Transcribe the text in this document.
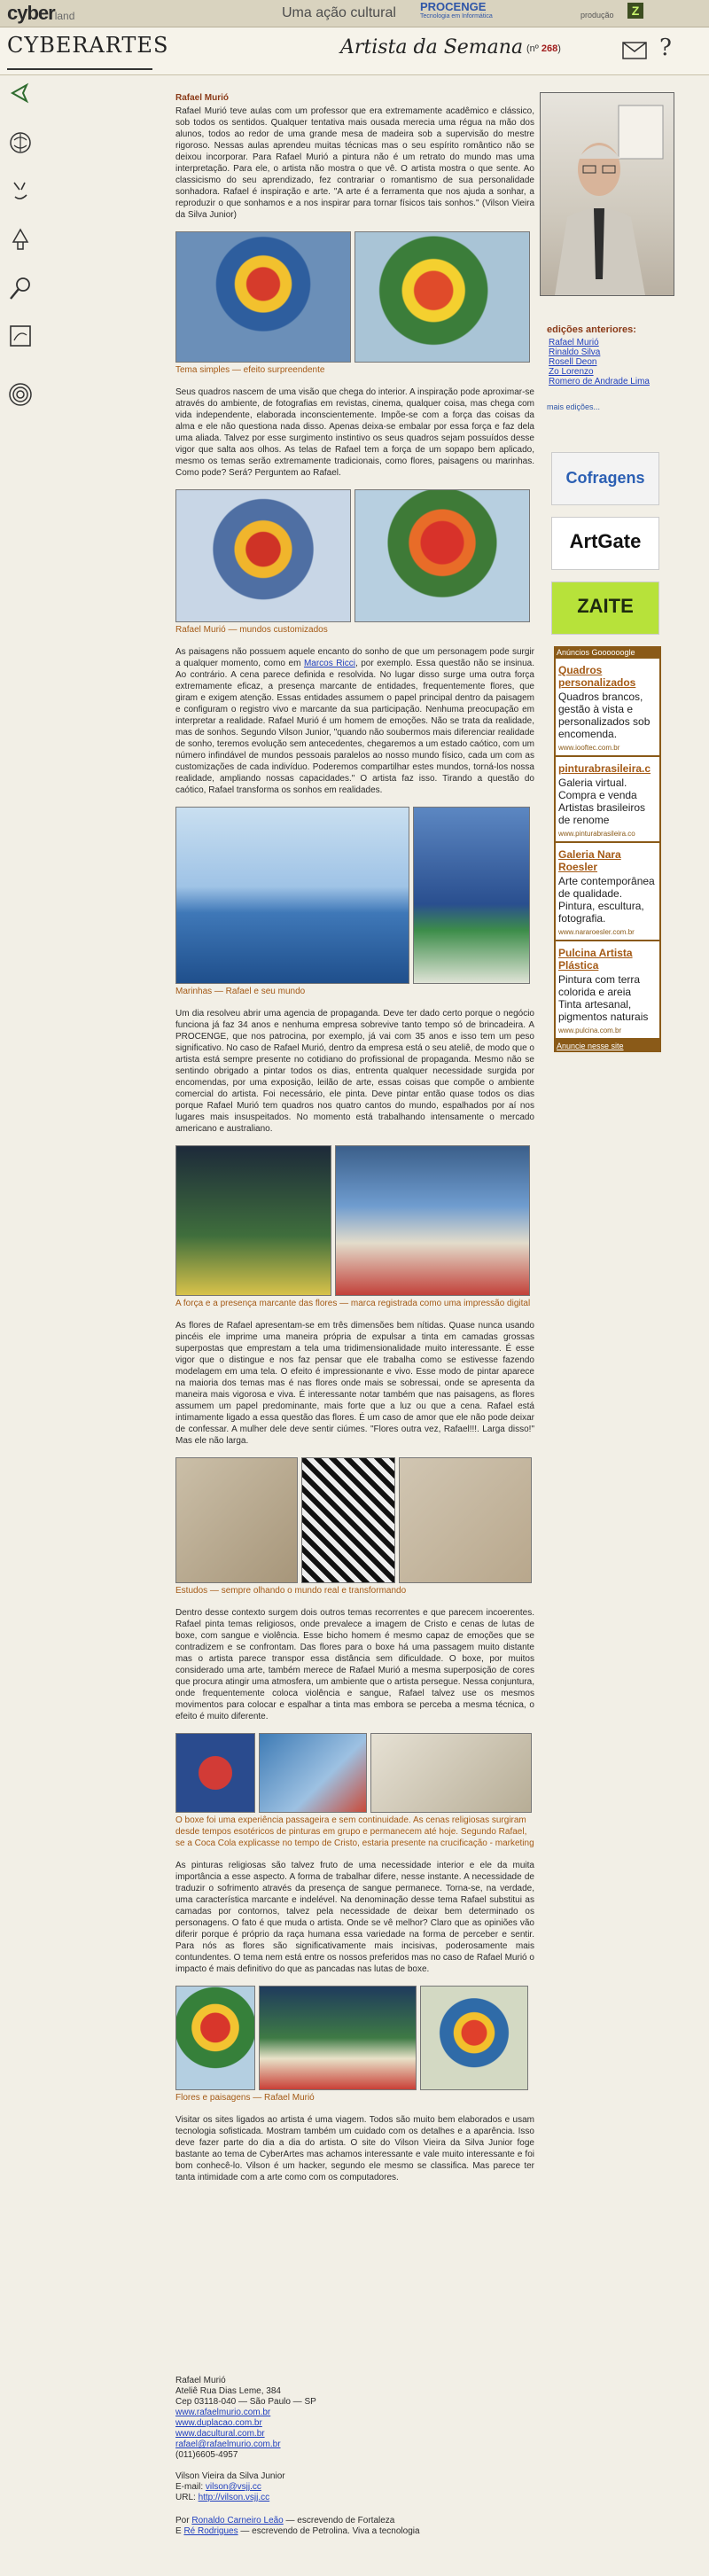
cyberland	Uma ação cultural PROCENGE
Tecnologia em Informática	produção	Z
CYBERARTES	Artista da Semana (nº 268)	?
Rafael Murió

Rafael Murió teve aulas com um professor que era extremamente acadêmico e clássico, sob todos os sentidos. Qualquer tentativa mais ousada merecia uma régua na mão dos alunos, todos ao redor de uma grande mesa de madeira sob a supervisão do mestre rigoroso. Nessas aulas aprendeu muitas técnicas mas o seu espírito romântico não se deixou incorporar. Para Rafael Murió a pintura não é um retrato do mundo mas uma interpretação. Para ele, o artista não mostra o que vê. O artista mostra o que sente. Ao classicismo do seu aprendizado, fez contrariar o romantismo de sua personalidade sonhadora. Rafael é inspiração e arte. "A arte é a ferramenta que nos ajuda a sonhar, a reproduzir o que sonhamos e a nos inspirar para tornar físicos tais sonhos." (Vilson Vieira da Silva Junior)

Tema simples — efeito surpreendente

Seus quadros nascem de uma visão que chega do interior. A inspiração pode aproximar-se através do ambiente, de fotografias em revistas, cinema, qualquer coisa, mas chega com vida independente, elaborada inconscientemente. Impõe-se com a força das coisas da alma e ele não questiona nada disso. Apenas deixa-se embalar por essa força e faz dela uma aliada. Talvez por esse surgimento instintivo os seus quadros sejam possuídos desse vigor que salta aos olhos. As telas de Rafael tem a força de um sopapo bem aplicado, mesmo os temas serão extremamente tradicionais, como flores, paisagens ou marinhas. Como pode? Será? Perguntem ao Rafael.

Rafael Murió — mundos customizados

As paisagens não possuem aquele encanto do sonho de que um personagem pode surgir a qualquer momento, como em Marcos Ricci, por exemplo. Essa questão não se insinua. Ao contrário. A cena parece definida e resolvida. No lugar disso surge uma outra força extremamente eficaz, a presença marcante de entidades, frequentemente flores, que giram e exigem atenção. Essas entidades assumem o papel principal dentro da paisagem e configuram o registro vivo e marcante da sua participação. Nenhuma preocupação em interpretar a realidade. Rafael Murió é um homem de emoções. Não se trata da realidade, mas de sonhos. Segundo Vilson Junior, "quando não soubermos mais diferenciar realidade de sonho, teremos evolução sem antecedentes, chegaremos a um estado caótico, com um número infindável de mundos pessoais paralelos ao nosso mundo físico, cada um com as customizações de cada indivíduo. Poderemos compartilhar estes mundos, torná-los nossa realidade, ampliando nossas capacidades." O artista faz isso. Tirando a questão do caótico, Rafael transforma os sonhos em realidades.

Marinhas — Rafael e seu mundo

Um dia resolveu abrir uma agencia de propaganda. Deve ter dado certo porque o negócio funciona já faz 34 anos e nenhuma empresa sobrevive tanto tempo só de brincadeira. A PROCENGE, que nos patrocina, por exemplo, já vai com 35 anos e isso tem um peso significativo. No caso de Rafael Murió, dentro da empresa está o seu ateliê, de modo que o artista está sempre presente no cotidiano do profissional de propaganda. Mesmo não se sentindo obrigado a pintar todos os dias, entrenta qualquer necessidade surgida por encomendas, por uma exposição, leilão de arte, essas coisas que compõe o ambiente comercial do artista. Foi necessário, ele pinta. Deve pintar então quase todos os dias porque Rafael Murió tem quadros nos quatro cantos do mundo, espalhados por aí nos lugares mais insuspeitados. No momento está trabalhando intensamente o mercado americano e australiano.

A força e a presença marcante das flores — marca registrada como uma impressão digital

As flores de Rafael apresentam-se em três dimensões bem nítidas. Quase nunca usando pincéis ele imprime uma maneira própria de expulsar a tinta em camadas grossas superpostas que emprestam a tela uma tridimensionalidade muito interessante. É esse vigor que o distingue e nos faz pensar que ele trabalha como se estivesse fazendo modelagem em uma tela. O efeito é impressionante e vivo. Esse modo de pintar aparece na maioria dos temas mas é nas flores onde mais se sobressai, onde se apresenta da maneira mais vigorosa e viva. É interessante notar também que nas paisagens, as flores assumem um papel predominante, mais forte que a luz ou que a cena. Rafael está intimamente ligado a essa questão das flores. É um caso de amor que ele não pode deixar de confessar. A mulher dele deve sentir ciúmes. "Flores outra vez, Rafael!!!. Larga disso!" Mas ele não larga.

Estudos — sempre olhando o mundo real e transformando

Dentro desse contexto surgem dois outros temas recorrentes e que parecem incoerentes. Rafael pinta temas religiosos, onde prevalece a imagem de Cristo e cenas de lutas de boxe, com sangue e violência. Esse bicho homem é mesmo capaz de emoções que se contradizem e se confrontam. Das flores para o boxe há uma passagem muito distante mas o artista parece transpor essa distância sem dificuldade. O boxe, por muitos considerado uma arte, também merece de Rafael Murió a mesma superposição de cores que procura atingir uma atmosfera, um ambiente que o artista persegue. Nessa conjuntura, onde frequentemente coloca violência e sangue, Rafael talvez use os mesmos movimentos para colocar e espalhar a tinta mas embora se perceba a mesma técnica, o efeito é muito diferente.

O boxe foi uma experiência passageira e sem continuidade. As cenas religiosas surgiram desde tempos esotéricos de pinturas em grupo e permanecem até hoje. Segundo Rafael, se a Coca Cola explicasse no tempo de Cristo, estaria presente na crucificação - marketing

As pinturas religiosas são talvez fruto de uma necessidade interior e ele da muita importância a esse aspecto. A forma de trabalhar difere, nesse instante. A necessidade de traduzir o sofrimento através da presença de sangue permanece. Torna-se, na verdade, uma característica marcante e indelével. Na denominação desse tema Rafael substitui as camadas por contornos, talvez pela necessidade de deixar bem determinado os personagens. O fato é que muda o artista. Onde se vê melhor? Claro que as opiniões vão diferir porque é próprio da raça humana essa variedade na forma de perceber e sentir. Para nós as flores são significativamente mais incisivas, poderosamente mais contundentes. O tema nem está entre os nossos preferidos mas no caso de Rafael Murió o impacto é mais definitivo do que as pancadas nas lutas de boxe.

Flores e paisagens — Rafael Murió

Visitar os sites ligados ao artista é uma viagem. Todos são muito bem elaborados e usam tecnologia sofisticada. Mostram também um cuidado com os detalhes e a aparência. Isso deve fazer parte do dia a dia do artista. O site do Vilson Vieira da Silva Junior foge bastante ao tema de CyberArtes mas achamos interessante e vale muito interessante e foi bom conhecê-lo. Vilson é um hacker, segundo ele mesmo se classifica. Mas parece ter tanta intimidade com a arte como com os computadores.

Rafael Murió
Ateliê Rua Dias Leme, 384
Cep 03118-040 — São Paulo — SP
www.rafaelmurio.com.br
www.duplacao.com.br
www.dacultural.com.br
rafael@rafaelmurio.com.br
(011)6605-4957
Vilson Vieira da Silva Junior
E-mail: vilson@vsjj.cc
URL: http://vilson.vsjj.cc
Por Ronaldo Carneiro Leão — escrevendo de Fortaleza
E Ré Rodrigues — escrevendo de Petrolina. Viva a tecnologia
edições anteriores:
Rafael Murió
Rinaldo Silva
Rosell Deon
Zo Lorenzo
Romero de Andrade Lima
mais edições...
Cofragens
ArtGate
ZAITE
Anúncios Goooooogle
Quadros personalizados
Quadros brancos, gestão à vista e personalizados sob encomenda.
www.iooftec.com.br
pinturabrasileira.c
Galeria virtual. Compra e venda Artistas brasileiros de renome
www.pinturabrasileira.co
Galeria Nara Roesler
Arte contemporânea de qualidade. Pintura, escultura, fotografia.
www.nararoesler.com.br
Pulcina Artista Plástica
Pintura com terra colorida e areia Tinta artesanal, pigmentos naturais
www.pulcina.com.br
Anuncie nesse site
